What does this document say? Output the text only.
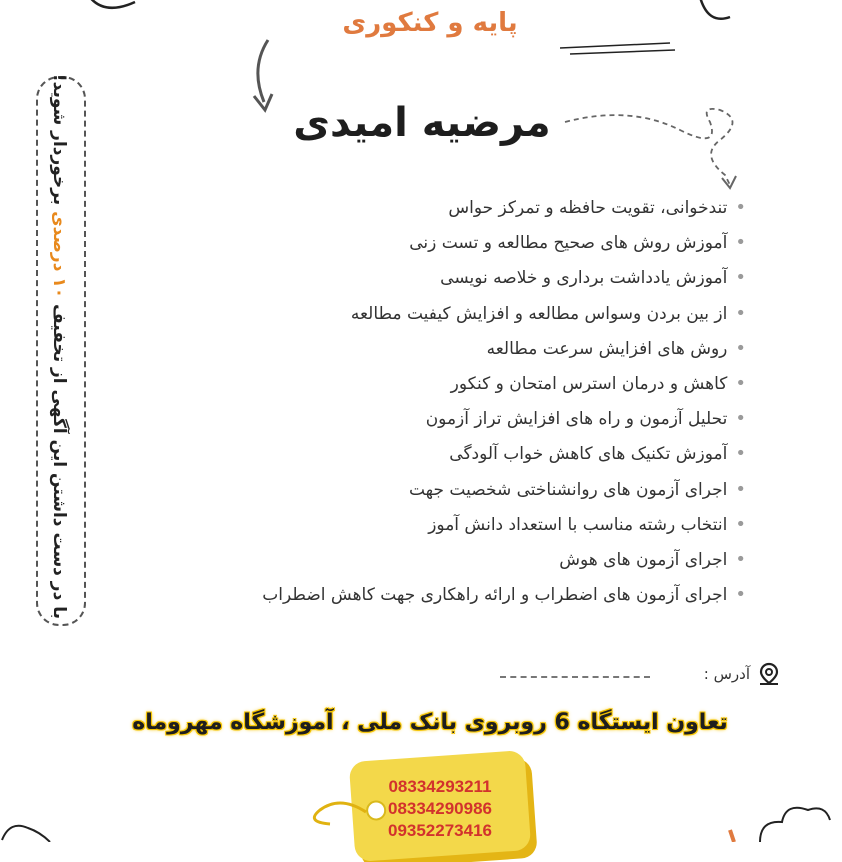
پایه و کنکوری
مرضیه امیدی
•تندخوانی، تقویت حافظه و تمرکز حواس
•آموزش روش های صحیح مطالعه و تست زنی
•آموزش یادداشت برداری و خلاصه نویسی
•از بین بردن وسواس مطالعه و افزایش کیفیت مطالعه
•روش های افزایش سرعت مطالعه
•کاهش و درمان استرس امتحان و کنکور
•تحلیل آزمون و راه های افزایش تراز آزمون
•آموزش تکنیک های کاهش خواب آلودگی
•اجرای آزمون های روانشناختی شخصیت جهت
•انتخاب رشته مناسب با استعداد دانش آموز
•اجرای آزمون های هوش
•اجرای آزمون های اضطراب و ارائه راهکاری جهت کاهش اضطراب
با در دست داشتن این آگهی از تخفیف ۱۰ درصدی برخوردار شوید!
آدرس :
تعاون ایستگاه 6 روبروی بانک ملی ، آموزشگاه مهروماه
08334293211
08334290986
09352273416
